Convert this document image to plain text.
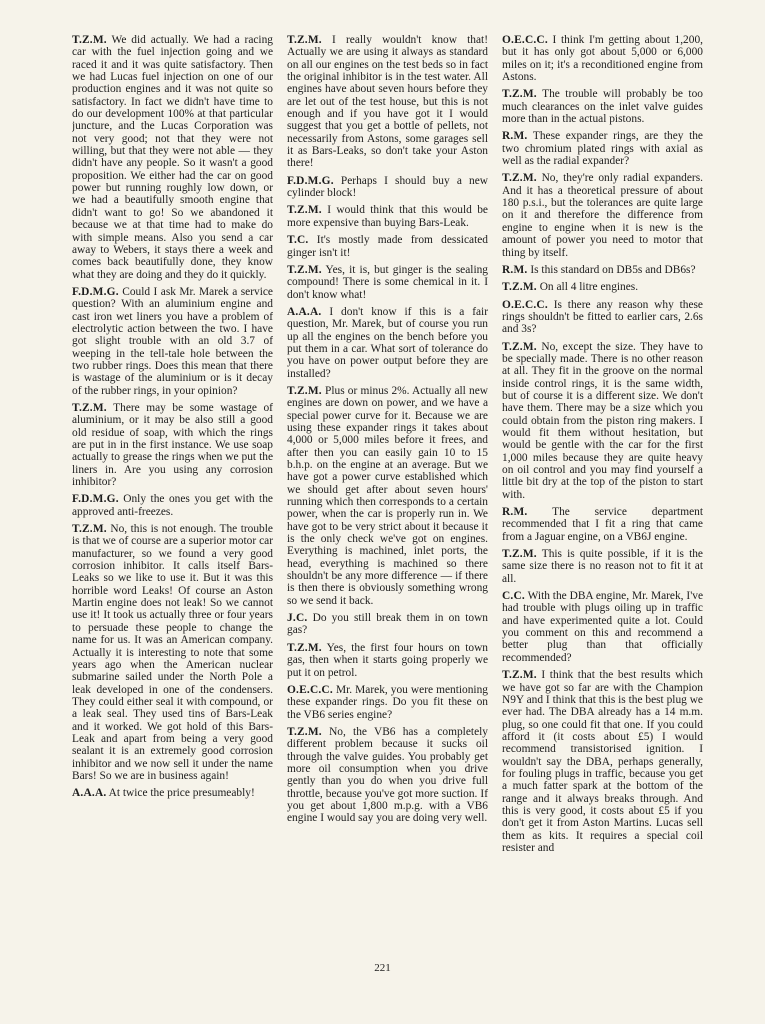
T.Z.M. We did actually. We had a racing car with the fuel injection going and we raced it and it was quite satisfactory. Then we had Lucas fuel injection on one of our production engines and it was not quite so satisfactory. In fact we didn't have time to do our development 100% at that particular juncture, and the Lucas Corporation was not very good; not that they were not willing, but that they were not able — they didn't have any people. So it wasn't a good proposition. We either had the car on good power but running roughly low down, or we had a beautifully smooth engine that didn't want to go! So we abandoned it because we at that time had to make do with simple means. Also you send a car away to Webers, it stays there a week and comes back beautifully done, they know what they are doing and they do it quickly.

F.D.M.G. Could I ask Mr. Marek a service question? With an aluminium engine and cast iron wet liners you have a problem of electrolytic action between the two. I have got slight trouble with an old 3.7 of weeping in the tell-tale hole between the two rubber rings. Does this mean that there is wastage of the aluminium or is it decay of the rubber rings, in your opinion?

T.Z.M. There may be some wastage of aluminium, or it may be also still a good old residue of soap, with which the rings are put in in the first instance. We use soap actually to grease the rings when we put the liners in. Are you using any corrosion inhibitor?

F.D.M.G. Only the ones you get with the approved anti-freezes.

T.Z.M. No, this is not enough. The trouble is that we of course are a superior motor car manufacturer, so we found a very good corrosion inhibitor. It calls itself Bars-Leaks so we like to use it. But it was this horrible word Leaks! Of course an Aston Martin engine does not leak! So we cannot use it! It took us actually three or four years to persuade these people to change the name for us. It was an American company. Actually it is interesting to note that some years ago when the American nuclear submarine sailed under the North Pole a leak developed in one of the condensers. They could either seal it with compound, or a leak seal. They used tins of Bars-Leak and it worked. We got hold of this Bars-Leak and apart from being a very good sealant it is an extremely good corrosion inhibitor and we now sell it under the name Bars! So we are in business again!

A.A.A. At twice the price presumeably!

T.Z.M. I really wouldn't know that! Actually we are using it always as standard on all our engines on the test beds so in fact the original inhibitor is in the test water. All engines have about seven hours before they are let out of the test house, but this is not enough and if you have got it I would suggest that you get a bottle of pellets, not necessarily from Astons, some garages sell it as Bars-Leaks, so don't take your Aston there!

F.D.M.G. Perhaps I should buy a new cylinder block!

T.Z.M. I would think that this would be more expensive than buying Bars-Leak.

T.C. It's mostly made from dessicated ginger isn't it!

T.Z.M. Yes, it is, but ginger is the sealing compound! There is some chemical in it. I don't know what!

A.A.A. I don't know if this is a fair question, Mr. Marek, but of course you run up all the engines on the bench before you put them in a car. What sort of tolerance do you have on power output before they are installed?

T.Z.M. Plus or minus 2%. Actually all new engines are down on power, and we have a special power curve for it. Because we are using these expander rings it takes about 4,000 or 5,000 miles before it frees, and after then you can easily gain 10 to 15 b.h.p. on the engine at an average. But we have got a power curve established which we should get after about seven hours' running which then corresponds to a certain power, when the car is properly run in. We have got to be very strict about it because it is the only check we've got on engines. Everything is machined, inlet ports, the head, everything is machined so there shouldn't be any more difference — if there is then there is obviously something wrong so we send it back.

J.C. Do you still break them in on town gas?

T.Z.M. Yes, the first four hours on town gas, then when it starts going properly we put it on petrol.

O.E.C.C. Mr. Marek, you were mentioning these expander rings. Do you fit these on the VB6 series engine?

T.Z.M. No, the VB6 has a completely different problem because it sucks oil through the valve guides. You probably get more oil consumption when you drive gently than you do when you drive full throttle, because you've got more suction. If you get about 1,800 m.p.g. with a VB6 engine I would say you are doing very well.

O.E.C.C. I think I'm getting about 1,200, but it has only got about 5,000 or 6,000 miles on it; it's a reconditioned engine from Astons.

T.Z.M. The trouble will probably be too much clearances on the inlet valve guides more than in the actual pistons.

R.M. These expander rings, are they the two chromium plated rings with axial as well as the radial expander?

T.Z.M. No, they're only radial expanders. And it has a theoretical pressure of about 180 p.s.i., but the tolerances are quite large on it and therefore the difference from engine to engine when it is new is the amount of power you need to motor that thing by itself.

R.M. Is this standard on DB5s and DB6s?

T.Z.M. On all 4 litre engines.

O.E.C.C. Is there any reason why these rings shouldn't be fitted to earlier cars, 2.6s and 3s?

T.Z.M. No, except the size. They have to be specially made. There is no other reason at all. They fit in the groove on the normal inside control rings, it is the same width, but of course it is a different size. We don't have them. There may be a size which you could obtain from the piston ring makers. I would fit them without hesitation, but would be gentle with the car for the first 1,000 miles because they are quite heavy on oil control and you may find yourself a little bit dry at the top of the piston to start with.

R.M. The service department recommended that I fit a ring that came from a Jaguar engine, on a VB6J engine.

T.Z.M. This is quite possible, if it is the same size there is no reason not to fit it at all.

C.C. With the DBA engine, Mr. Marek, I've had trouble with plugs oiling up in traffic and have experimented quite a lot. Could you comment on this and recommend a better plug than that officially recommended?

T.Z.M. I think that the best results which we have got so far are with the Champion N9Y and I think that this is the best plug we ever had. The DBA already has a 14 m.m. plug, so one could fit that one. If you could afford it (it costs about £5) I would recommend transistorised ignition. I wouldn't say the DBA, perhaps generally, for fouling plugs in traffic, because you get a much fatter spark at the bottom of the range and it always breaks through. And this is very good, it costs about £5 if you don't get it from Aston Martins. Lucas sell them as kits. It requires a special coil resister and

221
